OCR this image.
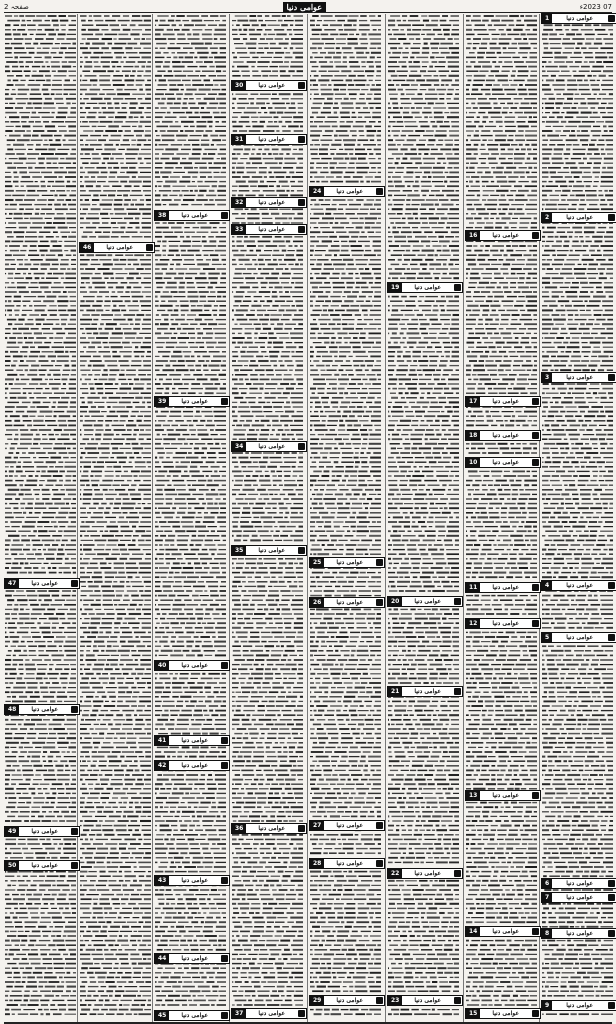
07 2023ء
عوامی دنیا
صفحہ 2
1	عوامی دنیا
2	عوامی دنیا
3	عوامی دنیا
4	عوامی دنیا
5	عوامی دنیا
6	عوامی دنیا
7	عوامی دنیا
8	عوامی دنیا
9	عوامی دنیا
10	عوامی دنیا
11	عوامی دنیا
12	عوامی دنیا
13	عوامی دنیا
14	عوامی دنیا
15	عوامی دنیا
16	عوامی دنیا
17	عوامی دنیا
18	عوامی دنیا
19	عوامی دنیا
20	عوامی دنیا
21	عوامی دنیا
22	عوامی دنیا
23	عوامی دنیا
24	عوامی دنیا
25	عوامی دنیا
26	عوامی دنیا
27	عوامی دنیا
28	عوامی دنیا
29	عوامی دنیا
30	عوامی دنیا
31	عوامی دنیا
32	عوامی دنیا
33	عوامی دنیا
34	عوامی دنیا
35	عوامی دنیا
36	عوامی دنیا
37	عوامی دنیا
38	عوامی دنیا
39	عوامی دنیا
40	عوامی دنیا
41	عوامی دنیا
42	عوامی دنیا
43	عوامی دنیا
44	عوامی دنیا
45	عوامی دنیا
46	عوامی دنیا
47	عوامی دنیا
48	عوامی دنیا
49	عوامی دنیا
50	عوامی دنیا
